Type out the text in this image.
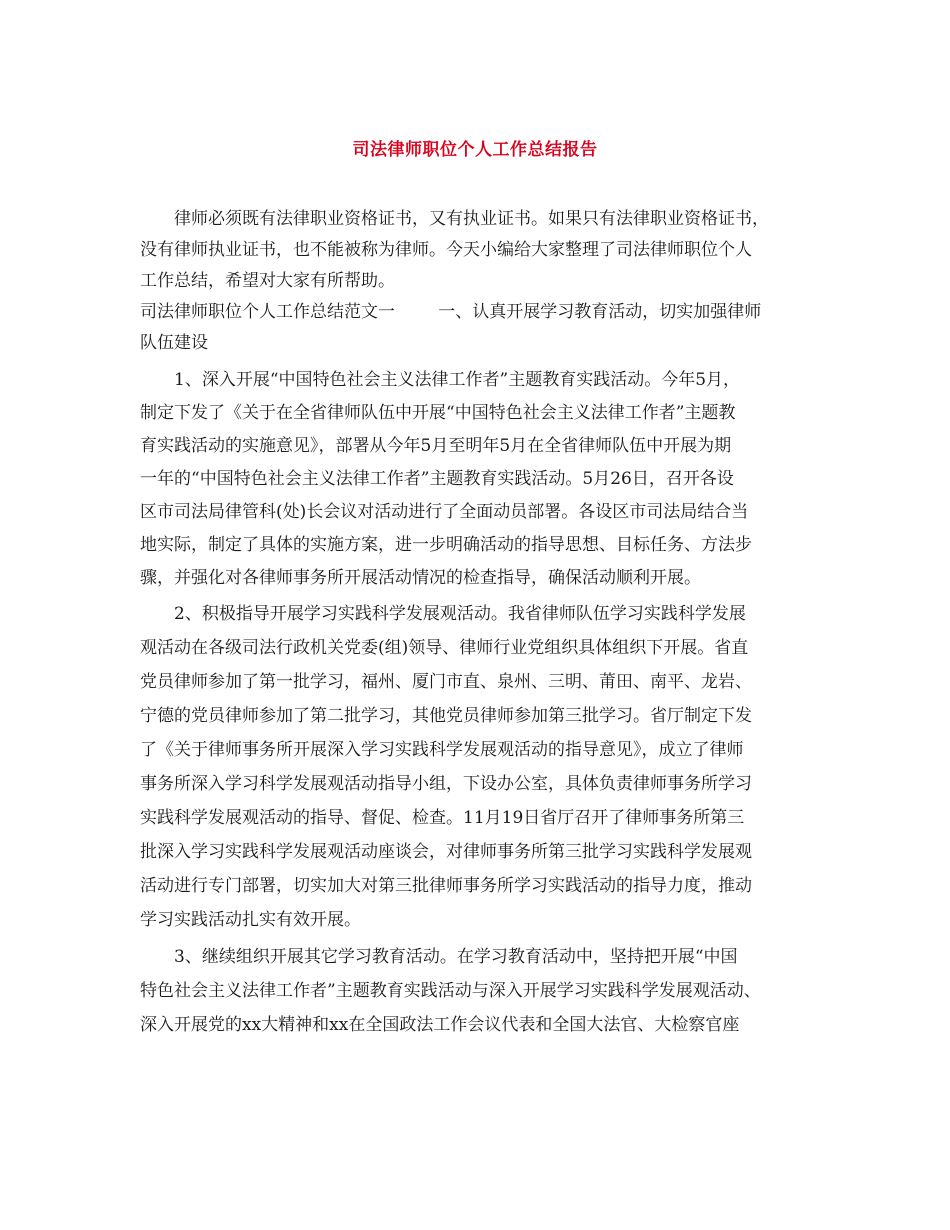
司法律师职位个人工作总结报告
律师必须既有法律职业资格证书，又有执业证书。如果只有法律职业资格证书，
没有律师执业证书，也不能被称为律师。今天小编给大家整理了司法律师职位个人
工作总结，希望对大家有所帮助。
司法律师职位个人工作总结范文一        一、认真开展学习教育活动，切实加强律师
队伍建设
1、深入开展“中国特色社会主义法律工作者”主题教育实践活动。今年5月，
制定下发了《关于在全省律师队伍中开展“中国特色社会主义法律工作者”主题教
育实践活动的实施意见》，部署从今年5月至明年5月在全省律师队伍中开展为期
一年的“中国特色社会主义法律工作者”主题教育实践活动。5月26日，召开各设
区市司法局律管科(处)长会议对活动进行了全面动员部署。各设区市司法局结合当
地实际，制定了具体的实施方案，进一步明确活动的指导思想、目标任务、方法步
骤，并强化对各律师事务所开展活动情况的检查指导，确保活动顺利开展。
2、积极指导开展学习实践科学发展观活动。我省律师队伍学习实践科学发展
观活动在各级司法行政机关党委(组)领导、律师行业党组织具体组织下开展。省直
党员律师参加了第一批学习，福州、厦门市直、泉州、三明、莆田、南平、龙岩、
宁德的党员律师参加了第二批学习，其他党员律师参加第三批学习。省厅制定下发
了《关于律师事务所开展深入学习实践科学发展观活动的指导意见》，成立了律师
事务所深入学习科学发展观活动指导小组，下设办公室，具体负责律师事务所学习
实践科学发展观活动的指导、督促、检查。11月19日省厅召开了律师事务所第三
批深入学习实践科学发展观活动座谈会，对律师事务所第三批学习实践科学发展观
活动进行专门部署，切实加大对第三批律师事务所学习实践活动的指导力度，推动
学习实践活动扎实有效开展。
3、继续组织开展其它学习教育活动。在学习教育活动中，坚持把开展“中国
特色社会主义法律工作者”主题教育实践活动与深入开展学习实践科学发展观活动、
深入开展党的xx大精神和xx在全国政法工作会议代表和全国大法官、大检察官座
